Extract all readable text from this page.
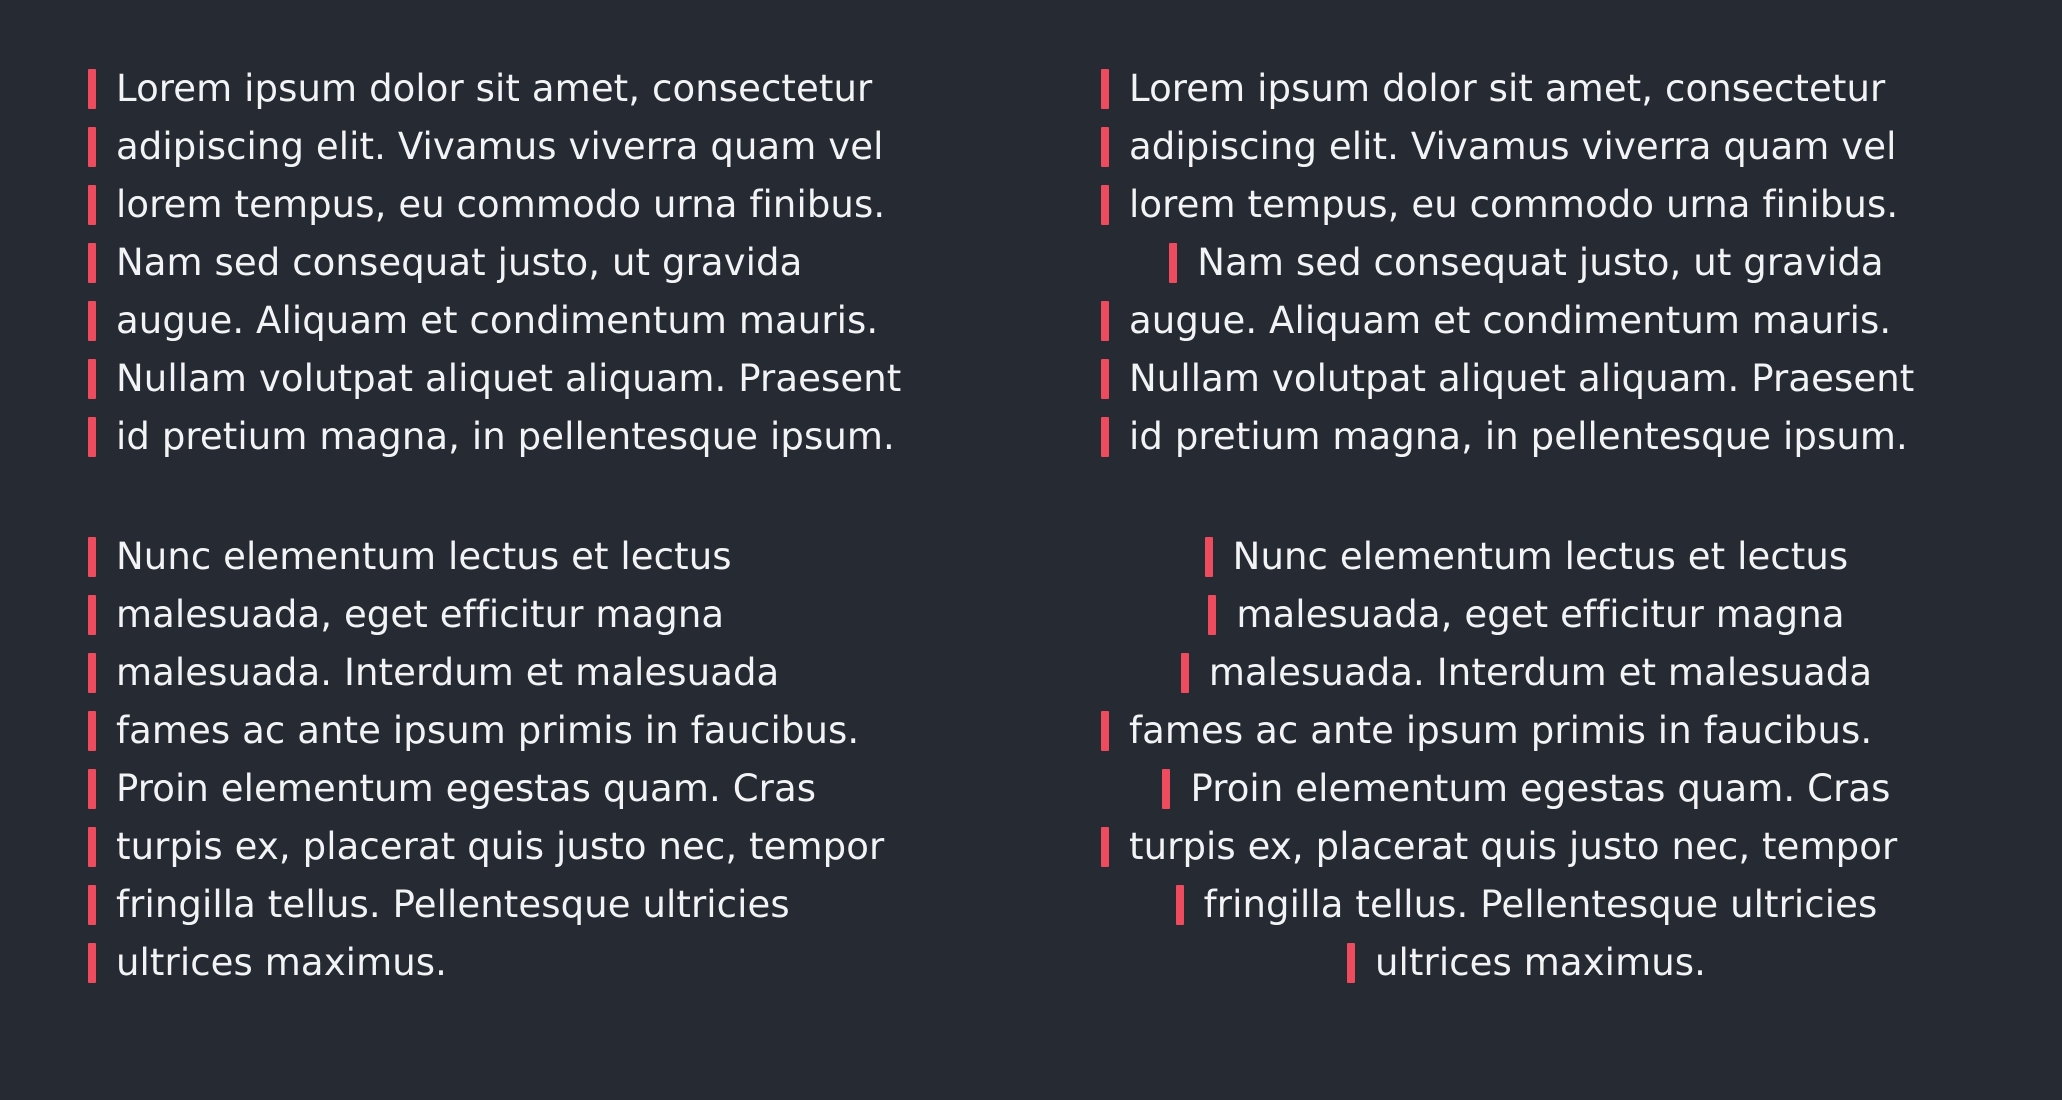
Lorem ipsum dolor sit amet, consectetur
adipiscing elit. Vivamus viverra quam vel
lorem tempus, eu commodo urna finibus.
Nam sed consequat justo, ut gravida
augue. Aliquam et condimentum mauris.
Nullam volutpat aliquet aliquam. Praesent
id pretium magna, in pellentesque ipsum.
Nunc elementum lectus et lectus
malesuada, eget efficitur magna
malesuada. Interdum et malesuada
fames ac ante ipsum primis in faucibus.
Proin elementum egestas quam. Cras
turpis ex, placerat quis justo nec, tempor
fringilla tellus. Pellentesque ultricies
ultrices maximus.
Lorem ipsum dolor sit amet, consectetur
adipiscing elit. Vivamus viverra quam vel
lorem tempus, eu commodo urna finibus.
Nam sed consequat justo, ut gravida
augue. Aliquam et condimentum mauris.
Nullam volutpat aliquet aliquam. Praesent
id pretium magna, in pellentesque ipsum.
Nunc elementum lectus et lectus
malesuada, eget efficitur magna
malesuada. Interdum et malesuada
fames ac ante ipsum primis in faucibus.
Proin elementum egestas quam. Cras
turpis ex, placerat quis justo nec, tempor
fringilla tellus. Pellentesque ultricies
ultrices maximus.
